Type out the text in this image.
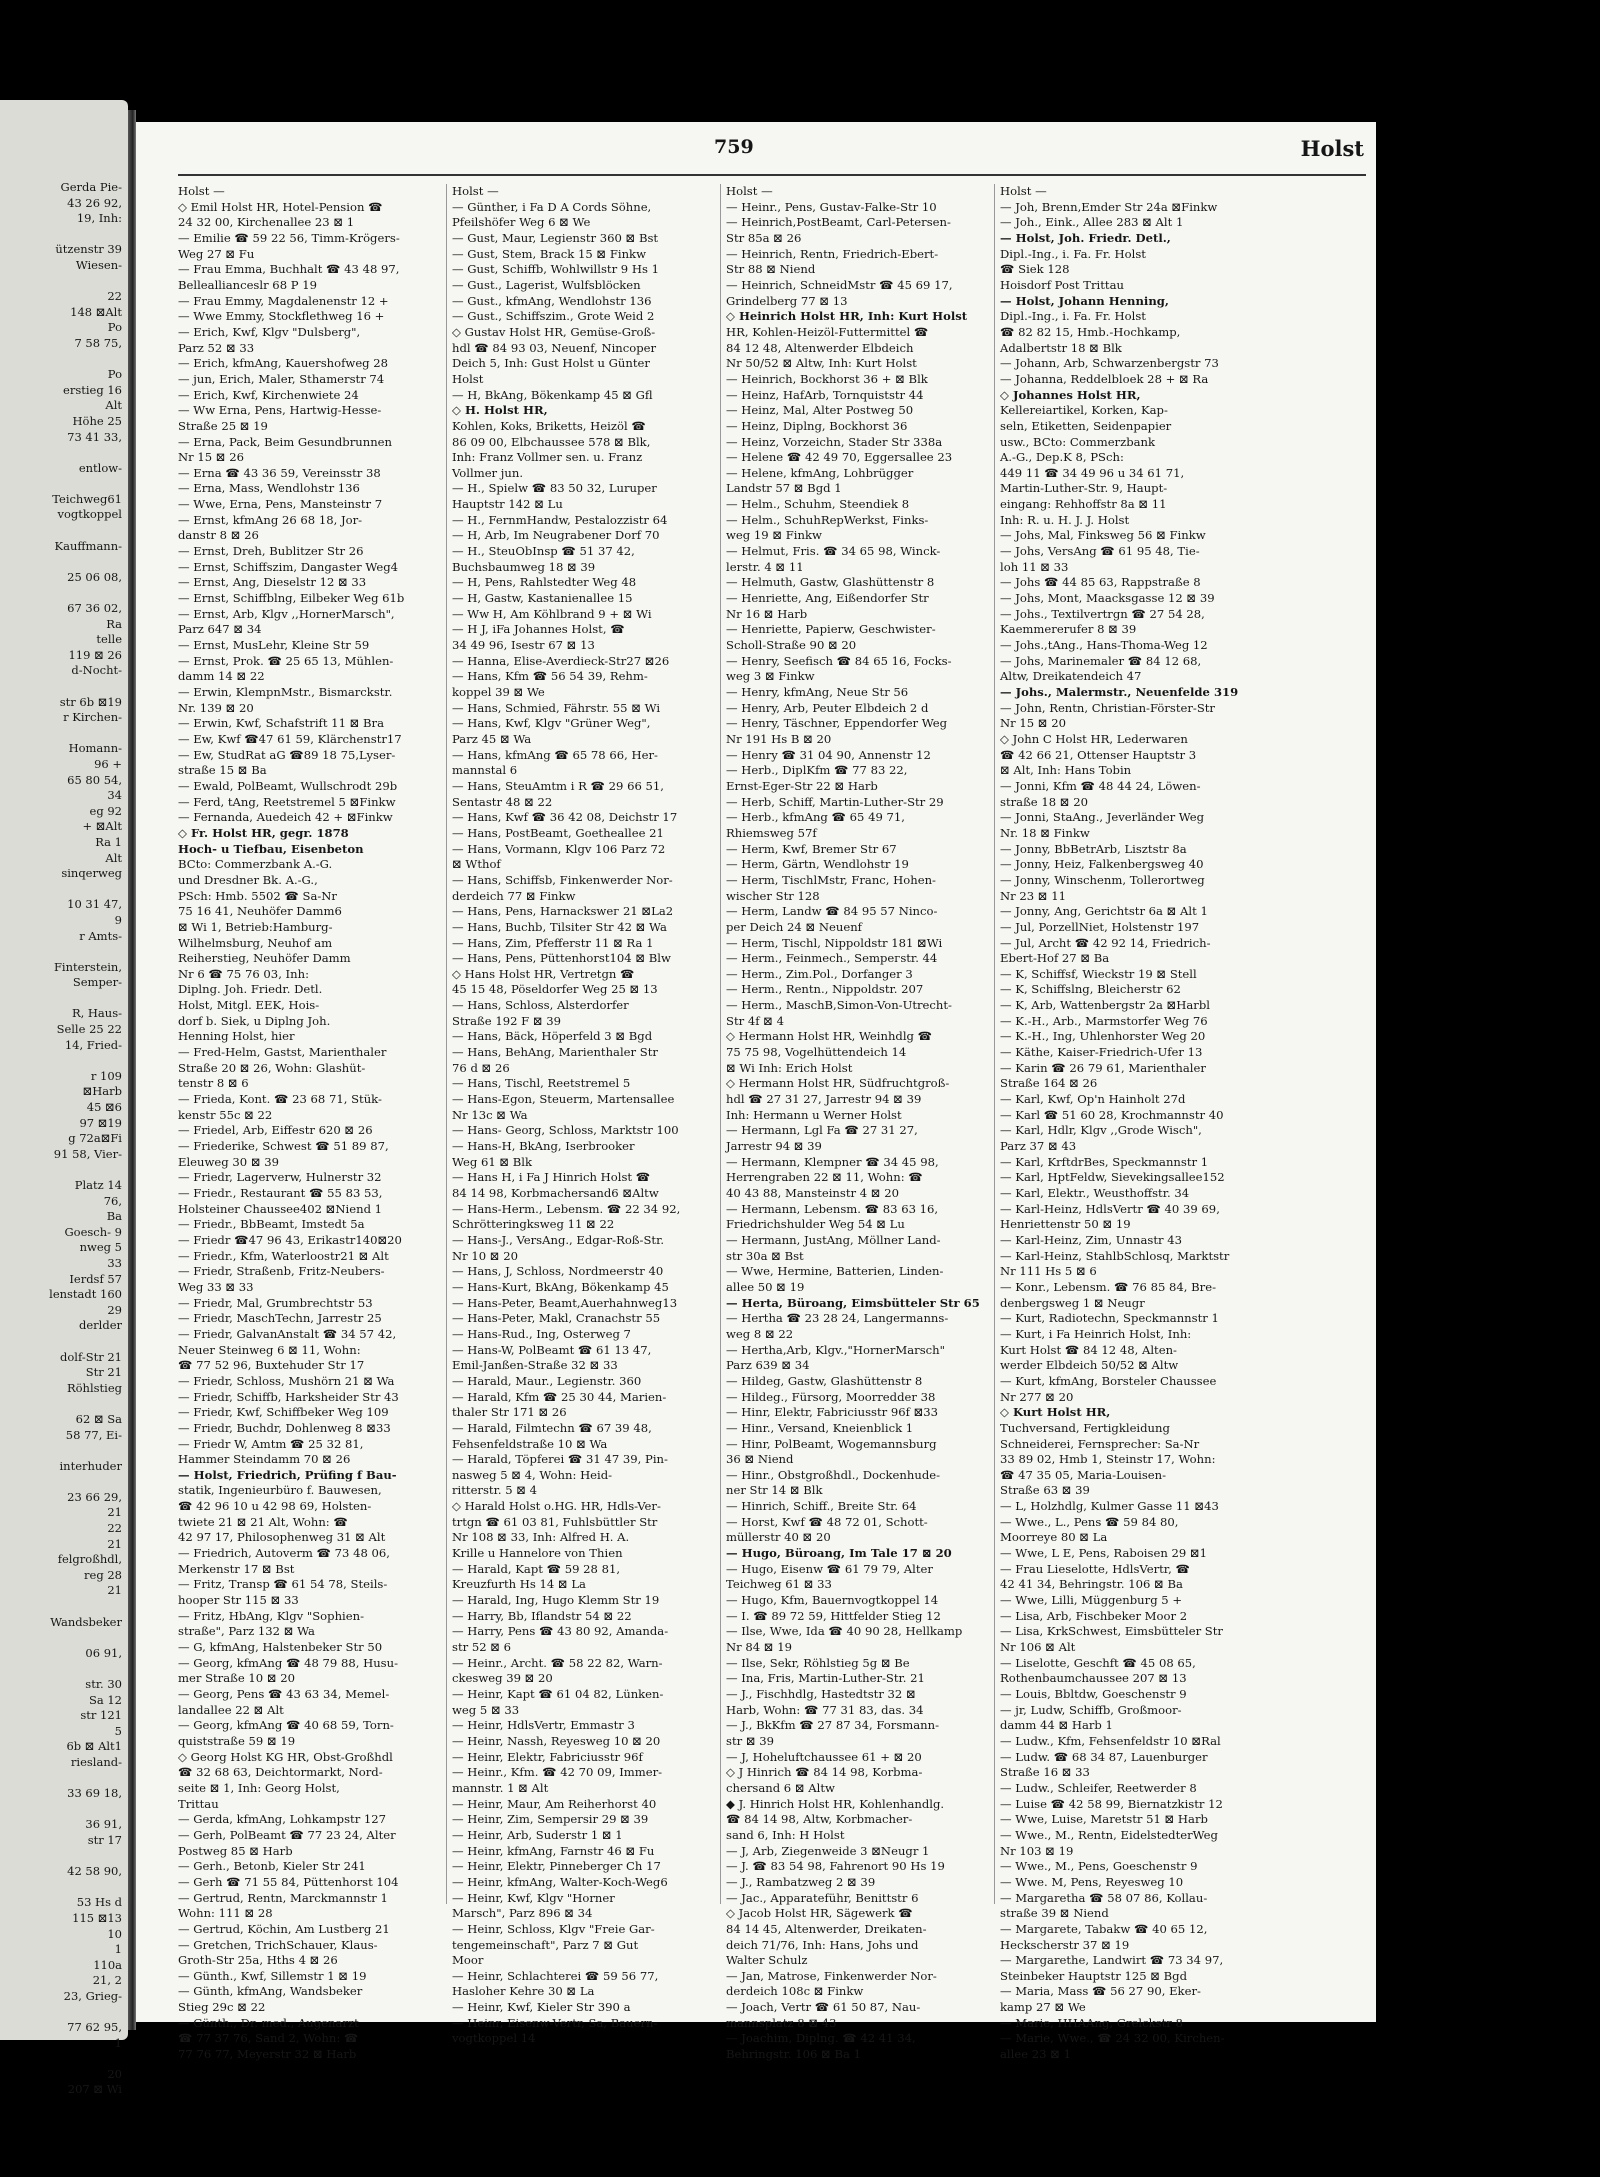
Gerda Pie-
43 26 92,
19, Inh:

ützenstr 39
Wiesen-

22
148 ⊠Alt
Po
7 58 75,

Po
erstieg 16
Alt
Höhe 25
73 41 33,

entlow-

Teichweg61
vogtkoppel

Kauffmann-

25 06 08,

67 36 02,
Ra
telle
119 ⊠ 26
d-Nocht-

str 6b ⊠19
r Kirchen-

Homann-
96 +
65 80 54,
34
eg 92
+ ⊠Alt
Ra 1
Alt
sinqerweg

10 31 47,
9
r Amts-

Finterstein,
Semper-

R, Haus-
Selle 25 22
14, Fried-

r 109
⊠Harb
45 ⊠6
97 ⊠19
g 72a⊠Fi
91 58, Vier-

Platz 14
76,
Ba
Goesch- 9
nweg 5
33
Ierdsf 57
lenstadt 160
29
derlder

dolf-Str 21
Str 21
Röhlstieg

62 ⊠ Sa
58 77, Ei-

interhuder

23 66 29,
21
22
21
felgroßhdl,
reg 28
21

Wandsbeker

06 91,

str. 30
Sa 12
str 121
5
6b ⊠ Alt1
riesland-

33 69 18,

36 91,
str 17

42 58 90,

53 Hs d
115 ⊠13
10
1
110a
21, 2
23, Grieg-

77 62 95,
1

20
207 ⊠ Wi
759	Holst
Holst —
◇ Emil Holst HR, Hotel-Pension ☎
24 32 00, Kirchenallee 23 ⊠ 1
— Emilie ☎ 59 22 56, Timm-Krögers-
Weg 27 ⊠ Fu
— Frau Emma, Buchhalt ☎ 43 48 97,
Belleallianceslr 68 P 19
— Frau Emmy, Magdalenenstr 12 +
— Wwe Emmy, Stockflethweg 16 +
— Erich, Kwf, Klgv "Dulsberg",
Parz 52 ⊠ 33
— Erich, kfmAng, Kauershofweg 28
— jun, Erich, Maler, Sthamerstr 74
— Erich, Kwf, Kirchenwiete 24
— Ww Erna, Pens, Hartwig-Hesse-
Straße 25 ⊠ 19
— Erna, Pack, Beim Gesundbrunnen
Nr 15 ⊠ 26
— Erna ☎ 43 36 59, Vereinsstr 38
— Erna, Mass, Wendlohstr 136
— Wwe, Erna, Pens, Mansteinstr 7
— Ernst, kfmAng 26 68 18, Jor-
danstr 8 ⊠ 26
— Ernst, Dreh, Bublitzer Str 26
— Ernst, Schiffszim, Dangaster Weg4
— Ernst, Ang, Dieselstr 12 ⊠ 33
— Ernst, Schiffblng, Eilbeker Weg 61b
— Ernst, Arb, Klgv ,,HornerMarsch",
Parz 647 ⊠ 34
— Ernst, MusLehr, Kleine Str 59
— Ernst, Prok. ☎ 25 65 13, Mühlen-
damm 14 ⊠ 22
— Erwin, KlempnMstr., Bismarckstr.
Nr. 139 ⊠ 20
— Erwin, Kwf, Schafstrift 11 ⊠ Bra
— Ew, Kwf ☎47 61 59, Klärchenstr17
— Ew, StudRat aG ☎89 18 75,Lyser-
straße 15 ⊠ Ba
— Ewald, PolBeamt, Wullschrodt 29b
— Ferd, tAng, Reetstremel 5 ⊠Finkw
— Fernanda, Auedeich 42 + ⊠Finkw
◇ Fr. Holst HR, gegr. 1878
Hoch- u Tiefbau, Eisenbeton
BCto: Commerzbank A.-G.
und Dresdner Bk. A.-G.,
PSch: Hmb. 5502 ☎ Sa-Nr
75 16 41, Neuhöfer Damm6
⊠ Wi 1, Betrieb:Hamburg-
Wilhelmsburg, Neuhof am
Reiherstieg, Neuhöfer Damm
Nr 6 ☎ 75 76 03, Inh:
Diplng. Joh. Friedr. Detl.
Holst, Mitgl. EEK, Hois-
dorf b. Siek, u Diplng Joh.
Henning Holst, hier
— Fred-Helm, Gastst, Marienthaler
Straße 20 ⊠ 26, Wohn: Glashüt-
tenstr 8 ⊠ 6
— Frieda, Kont. ☎ 23 68 71, Stük-
kenstr 55c ⊠ 22
— Friedel, Arb, Eiffestr 620 ⊠ 26
— Friederike, Schwest ☎ 51 89 87,
Eleuweg 30 ⊠ 39
— Friedr, Lagerverw, Hulnerstr 32
— Friedr., Restaurant ☎ 55 83 53,
Holsteiner Chaussee402 ⊠Niend 1
— Friedr., BbBeamt, Imstedt 5a
— Friedr ☎47 96 43, Erikastr140⊠20
— Friedr., Kfm, Waterloostr21 ⊠ Alt
— Friedr, Straßenb, Fritz-Neubers-
Weg 33 ⊠ 33
— Friedr, Mal, Grumbrechtstr 53
— Friedr, MaschTechn, Jarrestr 25
— Friedr, GalvanAnstalt ☎ 34 57 42,
Neuer Steinweg 6 ⊠ 11, Wohn:
☎ 77 52 96, Buxtehuder Str 17
— Friedr, Schloss, Mushörn 21 ⊠ Wa
— Friedr, Schiffb, Harksheider Str 43
— Friedr, Kwf, Schiffbeker Weg 109
— Friedr, Buchdr, Dohlenweg 8 ⊠33
— Friedr W, Amtm ☎ 25 32 81,
Hammer Steindamm 70 ⊠ 26
— Holst, Friedrich, Prüfing f Bau-
statik, Ingenieurbüro f. Bauwesen,
☎ 42 96 10 u 42 98 69, Holsten-
twiete 21 ⊠ 21 Alt, Wohn: ☎
42 97 17, Philosophenweg 31 ⊠ Alt
— Friedrich, Autoverm ☎ 73 48 06,
Merkenstr 17 ⊠ Bst
— Fritz, Transp ☎ 61 54 78, Steils-
hooper Str 115 ⊠ 33
— Fritz, HbAng, Klgv "Sophien-
straße", Parz 132 ⊠ Wa
— G, kfmAng, Halstenbeker Str 50
— Georg, kfmAng ☎ 48 79 88, Husu-
mer Straße 10 ⊠ 20
— Georg, Pens ☎ 43 63 34, Memel-
landallee 22 ⊠ Alt
— Georg, kfmAng ☎ 40 68 59, Torn-
quiststraße 59 ⊠ 19
◇ Georg Holst KG HR, Obst-Großhdl
☎ 32 68 63, Deichtormarkt, Nord-
seite ⊠ 1, Inh: Georg Holst,
Trittau
— Gerda, kfmAng, Lohkampstr 127
— Gerh, PolBeamt ☎ 77 23 24, Alter
Postweg 85 ⊠ Harb
— Gerh., Betonb, Kieler Str 241
— Gerh ☎ 71 55 84, Püttenhorst 104
— Gertrud, Rentn, Marckmannstr 1
Wohn: 111 ⊠ 28
— Gertrud, Köchin, Am Lustberg 21
— Gretchen, TrichSchauer, Klaus-
Groth-Str 25a, Hths 4 ⊠ 26
— Günth., Kwf, Sillemstr 1 ⊠ 19
— Günth, kfmAng, Wandsbeker
Stieg 29c ⊠ 22
— Günth., Dr. med., Augenarzt
☎ 77 37 76, Sand 2, Wohn: ☎
77 76 77, Meyerstr 32 ⊠ Harb
Holst —
— Günther, i Fa D A Cords Söhne,
Pfeilshöfer Weg 6 ⊠ We
— Gust, Maur, Legienstr 360 ⊠ Bst
— Gust, Stem, Brack 15 ⊠ Finkw
— Gust, Schiffb, Wohlwillstr 9 Hs 1
— Gust., Lagerist, Wulfsblöcken
— Gust., kfmAng, Wendlohstr 136
— Gust., Schiffszim., Grote Weid 2
◇ Gustav Holst HR, Gemüse-Groß-
hdl ☎ 84 93 03, Neuenf, Nincoper
Deich 5, Inh: Gust Holst u Günter
Holst
— H, BkAng, Bökenkamp 45 ⊠ Gfl
◇ H. Holst HR,
Kohlen, Koks, Briketts, Heizöl ☎
86 09 00, Elbchaussee 578 ⊠ Blk,
Inh: Franz Vollmer sen. u. Franz
Vollmer jun.
— H., Spielw ☎ 83 50 32, Luruper
Hauptstr 142 ⊠ Lu
— H., FernmHandw, Pestalozzistr 64
— H, Arb, Im Neugrabener Dorf 70
— H., SteuObInsp ☎ 51 37 42,
Buchsbaumweg 18 ⊠ 39
— H, Pens, Rahlstedter Weg 48
— H, Gastw, Kastanienallee 15
— Ww H, Am Köhlbrand 9 + ⊠ Wi
— H J, iFa Johannes Holst, ☎
34 49 96, Isestr 67 ⊠ 13
— Hanna, Elise-Averdieck-Str27 ⊠26
— Hans, Kfm ☎ 56 54 39, Rehm-
koppel 39 ⊠ We
— Hans, Schmied, Fährstr. 55 ⊠ Wi
— Hans, Kwf, Klgv "Grüner Weg",
Parz 45 ⊠ Wa
— Hans, kfmAng ☎ 65 78 66, Her-
mannstal 6
— Hans, SteuAmtm i R ☎ 29 66 51,
Sentastr 48 ⊠ 22
— Hans, Kwf ☎ 36 42 08, Deichstr 17
— Hans, PostBeamt, Goetheallee 21
— Hans, Vormann, Klgv 106 Parz 72
⊠ Wthof
— Hans, Schiffsb, Finkenwerder Nor-
derdeich 77 ⊠ Finkw
— Hans, Pens, Harnackswег 21 ⊠La2
— Hans, Buchb, Tilsiter Str 42 ⊠ Wa
— Hans, Zim, Pfefferstr 11 ⊠ Ra 1
— Hans, Pens, Püttenhorst104 ⊠ Blw
◇ Hans Holst HR, Vertretgn ☎
45 15 48, Pöseldorfer Weg 25 ⊠ 13
— Hans, Schloss, Alsterdorfer
Straße 192 F ⊠ 39
— Hans, Bäck, Höperfeld 3 ⊠ Bgd
— Hans, BehAng, Marienthaler Str
76 d ⊠ 26
— Hans, Tischl, Reetstremel 5
— Hans-Egon, Steuerm, Martensallee
Nr 13c ⊠ Wa
— Hans- Georg, Schloss, Marktstr 100
— Hans-H, BkAng, Iserbrooker
Weg 61 ⊠ Blk
— Hans H, i Fa J Hinrich Holst ☎
84 14 98, Korbmachersand6 ⊠Altw
— Hans-Herm., Lebensm. ☎ 22 34 92,
Schrötteringksweg 11 ⊠ 22
— Hans-J., VersAng., Edgar-Roß-Str.
Nr 10 ⊠ 20
— Hans, J, Schloss, Nordmeerstr 40
— Hans-Kurt, BkAng, Bökenkamp 45
— Hans-Peter, Beamt,Auerhahnweg13
— Hans-Peter, Makl, Cranachstr 55
— Hans-Rud., Ing, Osterweg 7
— Hans-W, PolBeamt ☎ 61 13 47,
Emil-Janßen-Straße 32 ⊠ 33
— Harald, Maur., Legienstr. 360
— Harald, Kfm ☎ 25 30 44, Marien-
thaler Str 171 ⊠ 26
— Harald, Filmtechn ☎ 67 39 48,
Fehsenfeldstraße 10 ⊠ Wa
— Harald, Töpferei ☎ 31 47 39, Pin-
nasweg 5 ⊠ 4, Wohn: Heid-
ritterstr. 5 ⊠ 4
◇ Harald Holst o.HG. HR, Hdls-Ver-
trtgn ☎ 61 03 81, Fuhlsbüttler Str
Nr 108 ⊠ 33, Inh: Alfred H. A.
Krille u Hannelore von Thien
— Harald, Kapt ☎ 59 28 81,
Kreuzfurth Hs 14 ⊠ La
— Harald, Ing, Hugo Klemm Str 19
— Harry, Bb, Iflandstr 54 ⊠ 22
— Harry, Pens ☎ 43 80 92, Amanda-
str 52 ⊠ 6
— Heinr., Archt. ☎ 58 22 82, Warn-
ckesweg 39 ⊠ 20
— Heinr, Kapt ☎ 61 04 82, Lünken-
weg 5 ⊠ 33
— Heinr, HdlsVertr, Emmastr 3
— Heinr, Nassh, Reyesweg 10 ⊠ 20
— Heinr, Elektr, Fabriciusstr 96f
— Heinr., Kfm. ☎ 42 70 09, Immer-
mannstr. 1 ⊠ Alt
— Heinr, Maur, Am Reiherhorst 40
— Heinr, Zim, Sempersir 29 ⊠ 39
— Heinr, Arb, Suderstr 1 ⊠ 1
— Heinr, kfmAng, Farnstr 46 ⊠ Fu
— Heinr, Elektr, Pinneberger Ch 17
— Heinr, kfmAng, Walter-Koch-Weg6
— Heinr, Kwf, Klgv "Horner
Marsch", Parz 896 ⊠ 34
— Heinr, Schloss, Klgv "Freie Gar-
tengemeinschaft", Parz 7 ⊠ Gut
Moor
— Heinr, Schlachterei ☎ 59 56 77,
Hasloher Kehre 30 ⊠ La
— Heinr, Kwf, Kieler Str 390 a
— Heinr, Eisenw-Vertr, Sa, Bauern-
vogtkoppel 14
Holst —
— Heinr., Pens, Gustav-Falke-Str 10
— Heinrich,PostBeamt, Carl-Petersen-
Str 85a ⊠ 26
— Heinrich, Rentn, Friedrich-Ebert-
Str 88 ⊠ Niend
— Heinrich, SchneidMstr ☎ 45 69 17,
Grindelberg 77 ⊠ 13
◇ Heinrich Holst HR, Inh: Kurt Holst
HR, Kohlen-Heizöl-Futtermittel ☎
84 12 48, Altenwerder Elbdeich
Nr 50/52 ⊠ Altw, Inh: Kurt Holst
— Heinrich, Bockhorst 36 + ⊠ Blk
— Heinz, HafArb, Tornquiststr 44
— Heinz, Mal, Alter Postweg 50
— Heinz, Diplng, Bockhorst 36
— Heinz, Vorzeichn, Stader Str 338a
— Helene ☎ 42 49 70, Eggersallee 23
— Helene, kfmAng, Lohbrügger
Landstr 57 ⊠ Bgd 1
— Helm., Schuhm, Steendiek 8
— Helm., SchuhRepWerkst, Finks-
weg 19 ⊠ Finkw
— Helmut, Fris. ☎ 34 65 98, Winck-
lerstr. 4 ⊠ 11
— Helmuth, Gastw, Glashüttenstr 8
— Henriette, Ang, Eißendorfer Str
Nr 16 ⊠ Harb
— Henriette, Papierw, Geschwister-
Scholl-Straße 90 ⊠ 20
— Henry, Seefisch ☎ 84 65 16, Focks-
weg 3 ⊠ Finkw
— Henry, kfmAng, Neue Str 56
— Henry, Arb, Peuter Elbdeich 2 d
— Henry, Täschner, Eppendorfer Weg
Nr 191 Hs B ⊠ 20
— Henry ☎ 31 04 90, Annenstr 12
— Herb., DiplKfm ☎ 77 83 22,
Ernst-Eger-Str 22 ⊠ Harb
— Herb, Schiff, Martin-Luther-Str 29
— Herb., kfmAng ☎ 65 49 71,
Rhiemsweg 57f
— Herm, Kwf, Bremer Str 67
— Herm, Gärtn, Wendlohstr 19
— Herm, TischlMstr, Franc, Hohen-
wischer Str 128
— Herm, Landw ☎ 84 95 57 Ninco-
per Deich 24 ⊠ Neuenf
— Herm, Tischl, Nippoldstr 181 ⊠Wi
— Herm., Feinmech., Sempeгstr. 44
— Herm., Zim.Pol., Dorfanger 3
— Herm., Rentn., Nippoldstr. 207
— Herm., MaschB,Simon-Von-Utrecht-
Str 4f ⊠ 4
◇ Hermann Holst HR, Weinhdlg ☎
75 75 98, Vogelhüttendeich 14
⊠ Wi Inh: Erich Holst
◇ Hermann Holst HR, Südfruchtgroß-
hdl ☎ 27 31 27, Jarrestr 94 ⊠ 39
Inh: Hermann u Werner Holst
— Hermann, Lgl Fa ☎ 27 31 27,
Jarrestr 94 ⊠ 39
— Hermann, Klempner ☎ 34 45 98,
Herrengraben 22 ⊠ 11, Wohn: ☎
40 43 88, Mansteinstr 4 ⊠ 20
— Hermann, Lebensm. ☎ 83 63 16,
Friedrichshulder Weg 54 ⊠ Lu
— Hermann, JustAng, Möllner Land-
str 30a ⊠ Bst
— Wwe, Hermine, Batterien, Linden-
allee 50 ⊠ 19
— Herta, Büroang, Eimsbütteler Str 65
— Hertha ☎ 23 28 24, Langermanns-
weg 8 ⊠ 22
— Hertha,Arb, Klgv.,"HornerMarsch"
Parz 639 ⊠ 34
— Hildeg, Gastw, Glashüttenstr 8
— Hildeg., Fürsorg, Moorredder 38
— Hinr, Elektr, Fabriciusstr 96f ⊠33
— Hinr., Versand, Kneienblick 1
— Hinr, PolBeamt, Wogemannsburg
36 ⊠ Niend
— Hinr., Obstgroßhdl., Dockenhude-
ner Str 14 ⊠ Blk
— Hinrich, Schiff., Breite Str. 64
— Horst, Kwf ☎ 48 72 01, Schott-
müllerstr 40 ⊠ 20
— Hugo, Büroang, Im Tale 17 ⊠ 20
— Hugo, Eisenw ☎ 61 79 79, Alter
Teichweg 61 ⊠ 33
— Hugo, Kfm, Bauernvogtkoppel 14
— I. ☎ 89 72 59, Hittfelder Stieg 12
— Ilse, Wwe, Ida ☎ 40 90 28, Hellkamp
Nr 84 ⊠ 19
— Ilse, Sekr, Röhlstieg 5g ⊠ Be
— Ina, Fris, Martin-Luther-Str. 21
— J., Fischhdlg, Hastedtstr 32 ⊠
Harb, Wohn: ☎ 77 31 83, das. 34
— J., BkKfm ☎ 27 87 34, Forsmann-
str ⊠ 39
— J, Hoheluftchaussee 61 + ⊠ 20
◇ J Hinrich ☎ 84 14 98, Korbma-
chersand 6 ⊠ Altw
◆ J. Hinrich Holst HR, Kohlenhandlg.
☎ 84 14 98, Altw, Korbmacher-
sand 6, Inh: H Holst
— J, Arb, Ziegenweide 3 ⊠Neugr 1
— J. ☎ 83 54 98, Fahrenort 90 Hs 19
— J., Rambatzweg 2 ⊠ 39
— Jac., Apparateführ, Benittstr 6
◇ Jacob Holst HR, Sägewerk ☎
84 14 45, Altenwerder, Dreikaten-
deich 71/76, Inh: Hans, Johs und
Walter Schulz
— Jan, Matrose, Finkenwerder Nor-
derdeich 108c ⊠ Finkw
— Joach, Vertr ☎ 61 50 87, Nau-
mannsplatz 8 ⊠ 43
— Joachim, Diplng. ☎ 42 41 34,
Behringstr. 106 ⊠ Ba 1
Holst —
— Joh, Brenn,Emder Str 24a ⊠Finkw
— Joh., Eink., Allee 283 ⊠ Alt 1
— Holst, Joh. Friedr. Detl.,
Dipl.-Ing., i. Fa. Fr. Holst
☎ Siek 128
Hoisdorf Post Trittau
— Holst, Johann Henning,
Dipl.-Ing., i. Fa. Fr. Holst
☎ 82 82 15, Hmb.-Hochkamp,
Adalbertstr 18 ⊠ Blk
— Johann, Arb, Schwarzenbergstr 73
— Johanna, Reddelbloek 28 + ⊠ Ra
◇ Johannes Holst HR,
Kellereiartikel, Korken, Kap-
seln, Etiketten, Seidenpapier
usw., BCto: Commerzbank
A.-G., Dep.K 8, PSch:
449 11 ☎ 34 49 96 u 34 61 71,
Martin-Luther-Str. 9, Haupt-
eingang: Rehhoffstr 8a ⊠ 11
Inh: R. u. H. J. J. Holst
— Johs, Mal, Finksweg 56 ⊠ Finkw
— Johs, VersAng ☎ 61 95 48, Tie-
loh 11 ⊠ 33
— Johs ☎ 44 85 63, Rappstraße 8
— Johs, Mont, Maacksgasse 12 ⊠ 39
— Johs., Textilvertrgn ☎ 27 54 28,
Kaemmererufer 8 ⊠ 39
— Johs.,tAng., Hans-Thoma-Weg 12
— Johs, Marinemaler ☎ 84 12 68,
Altw, Dreikatendeich 47
— Johs., Malermstr., Neuenfelde 319
— John, Rentn, Christian-Förster-Str
Nr 15 ⊠ 20
◇ John C Holst HR, Lederwaren
☎ 42 66 21, Ottenser Hauptstr 3
⊠ Alt, Inh: Hans Tobin
— Jonni, Kfm ☎ 48 44 24, Löwen-
straße 18 ⊠ 20
— Jonni, StaAng., Jeverländer Weg
Nr. 18 ⊠ Finkw
— Jonny, BbBetrArb, Lisztstr 8a
— Jonny, Heiz, Falkenbergsweg 40
— Jonny, Winschenm, Tollerortweg
Nr 23 ⊠ 11
— Jonny, Ang, Gerichtstr 6a ⊠ Alt 1
— Jul, PorzellNiet, Holstenstr 197
— Jul, Archt ☎ 42 92 14, Friedrich-
Ebert-Hof 27 ⊠ Ba
— K, Schiffsf, Wieckstr 19 ⊠ Stell
— K, Schiffslng, Bleicherstr 62
— K, Arb, Wattenbergstr 2a ⊠Harbl
— K.-H., Arb., Marmstorfer Weg 76
— K.-H., Ing, Uhlenhorster Weg 20
— Käthe, Kaiser-Friedrich-Ufer 13
— Karin ☎ 26 79 61, Marienthaler
Straße 164 ⊠ 26
— Karl, Kwf, Op'n Hainholt 27d
— Karl ☎ 51 60 28, Krochmannstr 40
— Karl, Hdlr, Klgv ,,Grode Wisch",
Parz 37 ⊠ 43
— Karl, KrftdrBes, Speckmannstr 1
— Karl, HptFeldw, Sievekingsallee152
— Karl, Elektr., Weusthoffstr. 34
— Karl-Heinz, HdlsVertr ☎ 40 39 69,
Henriettenstr 50 ⊠ 19
— Karl-Heinz, Zim, Unnastr 43
— Karl-Heinz, StahlbSchlosq, Marktstr
Nr 111 Hs 5 ⊠ 6
— Konr., Lebensm. ☎ 76 85 84, Bre-
denbergsweg 1 ⊠ Neugr
— Kurt, Radiotechn, Speckmannstr 1
— Kurt, i Fa Heinrich Holst, Inh:
Kurt Holst ☎ 84 12 48, Alten-
werder Elbdeich 50/52 ⊠ Altw
— Kurt, kfmAng, Borsteler Chaussee
Nr 277 ⊠ 20
◇ Kurt Holst HR,
Tuchversand, Fertigkleidung
Schneiderei, Fernsprecher: Sa-Nr
33 89 02, Hmb 1, Steinstr 17, Wohn:
☎ 47 35 05, Maria-Louisen-
Straße 63 ⊠ 39
— L, Holzhdlg, Kulmer Gasse 11 ⊠43
— Wwe., L., Pens ☎ 59 84 80,
Moorreye 80 ⊠ La
— Wwe, L E, Pens, Raboisen 29 ⊠1
— Frau Lieselotte, HdlsVertr, ☎
42 41 34, Behringstr. 106 ⊠ Ba
— Wwe, Lilli, Müggenburg 5 +
— Lisa, Arb, Fischbeker Moor 2
— Lisa, KrkSchwest, Eimsbütteler Str
Nr 106 ⊠ Alt
— Liselotte, Geschft ☎ 45 08 65,
Rothenbaumchaussee 207 ⊠ 13
— Louis, Bbltdw, Goeschenstr 9
— jr, Ludw, Schiffb, Großmoor-
damm 44 ⊠ Harb 1
— Ludw., Kfm, Fehsenfeldstr 10 ⊠Ral
— Ludw. ☎ 68 34 87, Lauenburger
Straße 16 ⊠ 33
— Ludw., Schleifer, Reetwerder 8
— Luise ☎ 42 58 99, Biernatzkistr 12
— Wwe, Luise, Maretstr 51 ⊠ Harb
— Wwe., M., Rentn, EidelstedterWeg
Nr 103 ⊠ 19
— Wwe., M., Pens, Goeschenstr 9
— Wwe. M, Pens, Reyesweg 10
— Margaretha ☎ 58 07 86, Kollau-
straße 39 ⊠ Niend
— Margarete, Tabakw ☎ 40 65 12,
Heckscherstr 37 ⊠ 19
— Margarethe, Landwirt ☎ 73 34 97,
Steinbeker Hauptstr 125 ⊠ Bgd
— Maria, Mass ☎ 56 27 90, Eker-
kamp 27 ⊠ We
— Marie, HHAAng, Grelckstr 8
— Marie, Wwe., ☎ 24 32 00, Kirchen-
allee 23 ⊠ 1
